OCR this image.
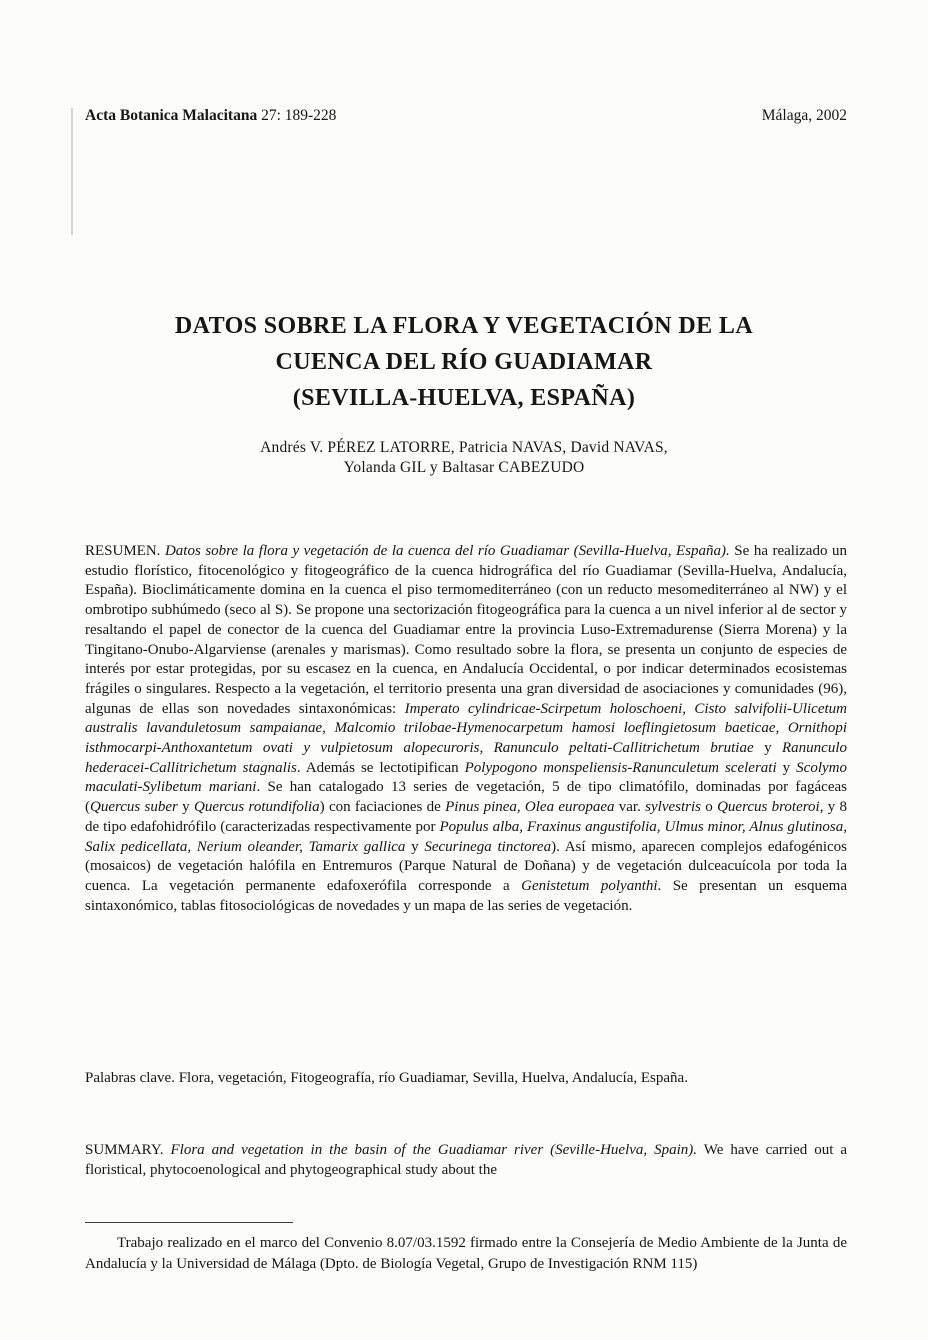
Acta Botanica Malacitana 27: 189-228	Málaga, 2002
DATOS SOBRE LA FLORA Y VEGETACIÓN DE LA
CUENCA DEL RÍO GUADIAMAR
(SEVILLA-HUELVA, ESPAÑA)
Andrés V. PÉREZ LATORRE, Patricia NAVAS, David NAVAS,
Yolanda GIL y Baltasar CABEZUDO

RESUMEN. Datos sobre la flora y vegetación de la cuenca del río Guadiamar (Sevilla-Huelva, España). Se ha realizado un estudio florístico, fitocenológico y fitogeográfico de la cuenca hidrográfica del río Guadiamar (Sevilla-Huelva, Andalucía, España). Bioclimáticamente domina en la cuenca el piso termomediterráneo (con un reducto mesomediterráneo al NW) y el ombrotipo subhúmedo (seco al S). Se propone una sectorización fitogeográfica para la cuenca a un nivel inferior al de sector y resaltando el papel de conector de la cuenca del Guadiamar entre la provincia Luso-Extremadurense (Sierra Morena) y la Tingitano-Onubo-Algarviense (arenales y marismas). Como resultado sobre la flora, se presenta un conjunto de especies de interés por estar protegidas, por su escasez en la cuenca, en Andalucía Occidental, o por indicar determinados ecosistemas frágiles o singulares. Respecto a la vegetación, el territorio presenta una gran diversidad de asociaciones y comunidades (96), algunas de ellas son novedades sintaxonómicas: Imperato cylindricae-Scirpetum holoschoeni, Cisto salvifolii-Ulicetum australis lavanduletosum sampaianae, Malcomio trilobae-Hymenocarpetum hamosi loeflingietosum baeticae, Ornithopi isthmocarpi-Anthoxantetum ovati y vulpietosum alopecuroris, Ranunculo peltati-Callitrichetum brutiae y Ranunculo hederacei-Callitrichetum stagnalis. Además se lectotipifican Polypogono monspeliensis-Ranunculetum scelerati y Scolymo maculati-Sylibetum mariani. Se han catalogado 13 series de vegetación, 5 de tipo climatófilo, dominadas por fagáceas (Quercus suber y Quercus rotundifolia) con faciaciones de Pinus pinea, Olea europaea var. sylvestris o Quercus broteroi, y 8 de tipo edafohidrófilo (caracterizadas respectivamente por Populus alba, Fraxinus angustifolia, Ulmus minor, Alnus glutinosa, Salix pedicellata, Nerium oleander, Tamarix gallica y Securinega tinctorea). Así mismo, aparecen complejos edafogénicos (mosaicos) de vegetación halófila en Entremuros (Parque Natural de Doñana) y de vegetación dulceacuícola por toda la cuenca. La vegetación permanente edafoxerófila corresponde a Genistetum polyanthi. Se presentan un esquema sintaxonómico, tablas fitosociológicas de novedades y un mapa de las series de vegetación.

Palabras clave. Flora, vegetación, Fitogeografía, río Guadiamar, Sevilla, Huelva, Andalucía, España.

SUMMARY. Flora and vegetation in the basin of the Guadiamar river (Seville-Huelva, Spain). We have carried out a floristical, phytocoenological and phytogeographical study about the

Trabajo realizado en el marco del Convenio 8.07/03.1592 firmado entre la Consejería de Medio Ambiente de la Junta de Andalucía y la Universidad de Málaga (Dpto. de Biología Vegetal, Grupo de Investigación RNM 115)
